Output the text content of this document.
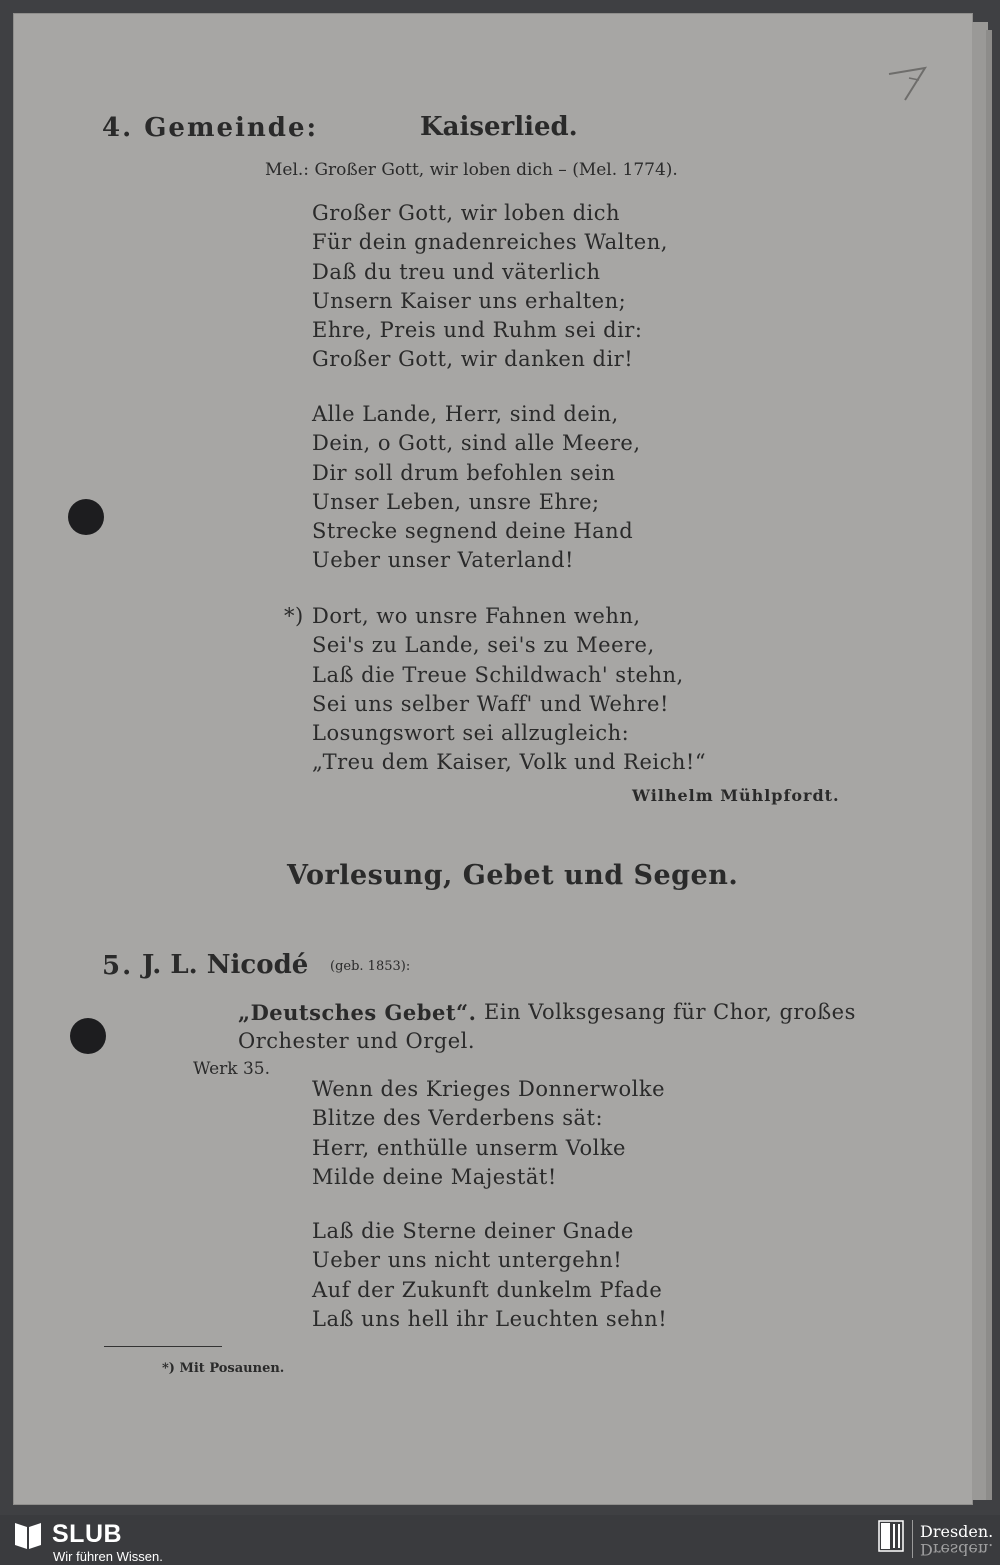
4. Gemeinde:	Kaiserlied.
Mel.: Großer Gott, wir loben dich – (Mel. 1774).
Großer Gott, wir loben dich
Für dein gnadenreiches Walten,
Daß du treu und väterlich
Unsern Kaiser uns erhalten;
Ehre, Preis und Ruhm sei dir:
Großer Gott, wir danken dir!
Alle Lande, Herr, sind dein,
Dein, o Gott, sind alle Meere,
Dir soll drum befohlen sein
Unser Leben, unsre Ehre;
Strecke segnend deine Hand
Ueber unser Vaterland!
*) Dort, wo unsre Fahnen wehn,
Sei's zu Lande, sei's zu Meere,
Laß die Treue Schildwach' stehn,
Sei uns selber Waff' und Wehre!
Losungswort sei allzugleich:
„Treu dem Kaiser, Volk und Reich!“
Wilhelm Mühlpfordt.
Vorlesung, Gebet und Segen.
5. J. L. Nicodé (geb. 1853):
„Deutsches Gebet“. Ein Volksgesang für Chor, großes
Orchester und Orgel.
Werk 35.
Wenn des Krieges Donnerwolke
Blitze des Verderbens sät:
Herr, enthülle unserm Volke
Milde deine Majestät!
Laß die Sterne deiner Gnade
Ueber uns nicht untergehn!
Auf der Zukunft dunkelm Pfade
Laß uns hell ihr Leuchten sehn!
*) Mit Posaunen.
SLUB
Wir führen Wissen.
Dresden.
Dresden.
